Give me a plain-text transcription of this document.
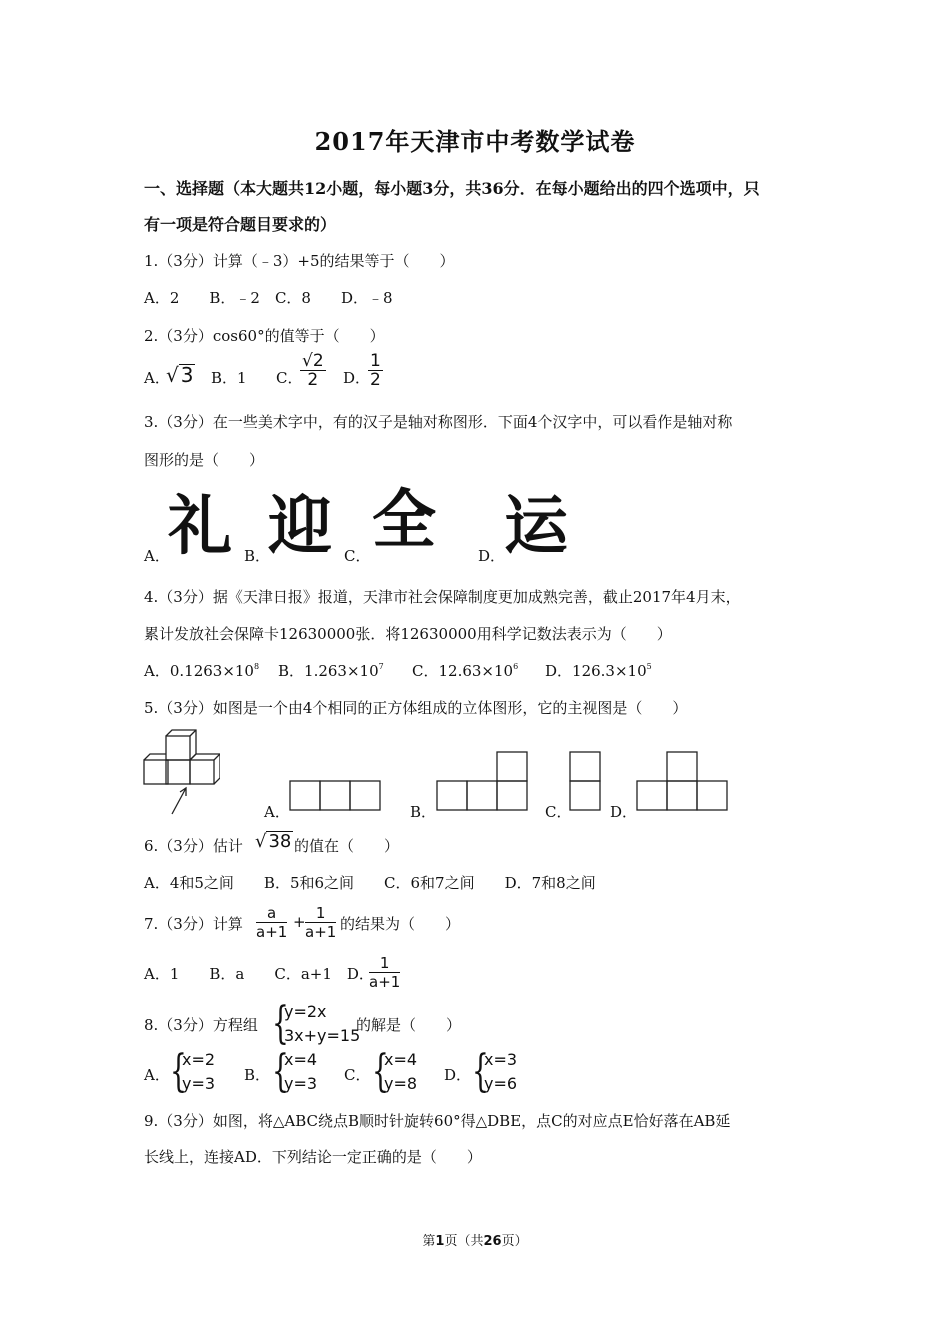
2017年天津市中考数学试卷
一、选择题（本大题共12小题，每小题3分，共36分．在每小题给出的四个选项中，只
有一项是符合题目要求的）
1.（3分）计算（﹣3）+5的结果等于（　　）
A．2　　B．﹣2　C．8　　D．﹣8
2.（3分）cos60°的值等于（　　）
A．
√ 3 B．1 C．
$\frac{√2}{2}$ D．
$\frac{1}{2}$
3.（3分）在一些美术字中，有的汉子是轴对称图形．下面4个汉字中，可以看作是轴对称
图形的是（　　）
A．
礼 B．
迎 C． 全	D．
运
4.（3分）据《天津日报》报道，天津市社会保障制度更加成熟完善，截止2017年4月末，
累计发放社会保障卡12630000张．将12630000用科学记数法表示为（　　）
A．$0.1263\times 10^8$ B．$1.263\times 10^7$ C．$12.63\times 10^6$ D．$126.3\times 10^5$
5.（3分）如图是一个由4个相同的正方体组成的立体图形，它的主视图是（　　）
A．	B．	C．	D．
6.（3分）估计 √ 38 的值在（　　）
A．4和5之间　　B．5和6之间　　C．6和7之间　　D．7和8之间
7.（3分）计算 $\frac{a}{a+1} + \frac{1}{a+1}$ 的结果为（　　）
A．1　　B．a　　C．a+1　D．
$\frac{1}{a+1}$
8.（3分）方程组 {
y=2x
3x+y=15
的解是（　　）
A． {
x=2
y=3 B． {
x=4
y=3 C． {
x=4
y=8 D． {
x=3
y=6
9.（3分）如图，将△ABC绕点B顺时针旋转60°得△DBE，点C的对应点E恰好落在AB延
长线上，连接AD．下列结论一定正确的是（　　）
第1页（共26页）
